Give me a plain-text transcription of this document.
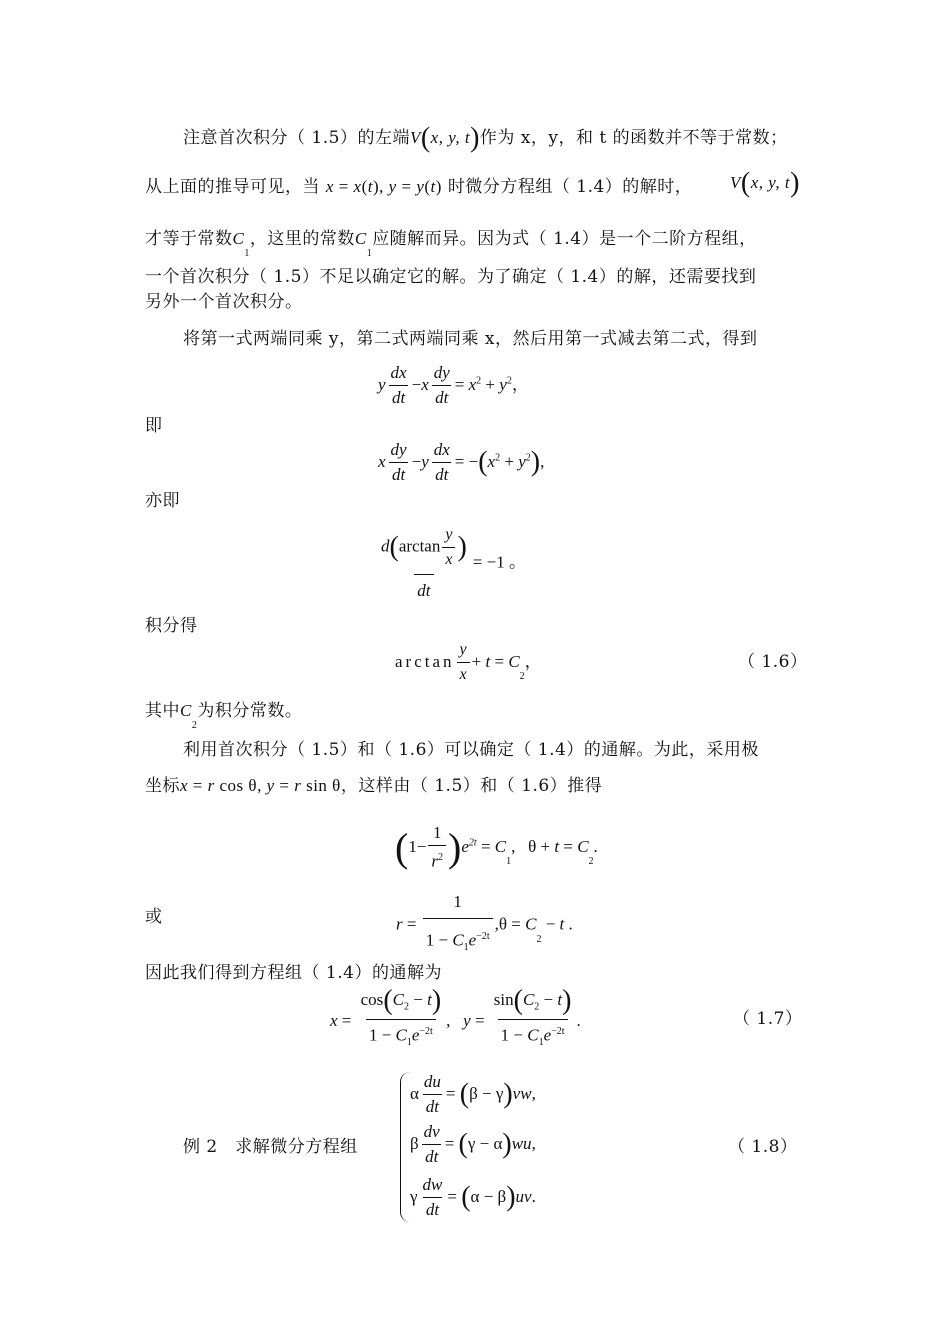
注意首次积分（ 1.5）的左端V(x, y, t)作为 x，y，和 t 的函数并不等于常数；
从上面的推导可见，当 x = x(t), y = y(t) 时微分方程组（ 1.4）的解时， V(x, y, t)
才等于常数$C_1$，这里的常数$C_1$应随解而异。因为式（ 1.4）是一个二阶方程组，
一个首次积分（ 1.5）不足以确定它的解。为了确定（ 1.4）的解，还需要找到
另外一个首次积分。
将第一式两端同乘 y，第二式两端同乘 x，然后用第一式减去第二式，得到
y $\frac{dx}{dt} -x \frac{dy}{dt} = x^2 + y^2$，
即
x $\frac{dy}{dt} -y \frac{dx}{dt} = -(x^2 + y^2)$,
亦即
$\frac{d(\arctan \frac{y}{x} )}{dt} = -1$ 。
积分得
$\arctan \frac{y}{x} + t = C_2$，	（ 1.6）
其中$C_2$为积分常数。
利用首次积分（ 1.5）和（ 1.6）可以确定（ 1.4）的通解。为此，采用极
坐标x = r cos θ, y = r sin θ，这样由（ 1.5）和（ 1.6）推得
$(1- \frac{1}{r^2} )e^{2t} = C_1$,   $\theta + t = C_2$.
或	$r = \frac{1}{1 - C_1e^{-2t}} ,\theta = C_2 - t$ .
因此我们得到方程组（ 1.4）的通解为
$x = \frac{\cos(C_2 - t)}{1 - C_1e^{-2t}}$ ,   $y = \frac{\sin(C_2 - t)}{1 - C_1e^{-2t}}$ .	（ 1.7）
例 2　求解微分方程组
α $\frac{du}{dt} = (\beta - \gamma)vw$,
β $\frac{dv}{dt} = (\gamma - \alpha)wu$,
γ $\frac{dw}{dt} = (\alpha - \beta)uv$.
（ 1.8）
